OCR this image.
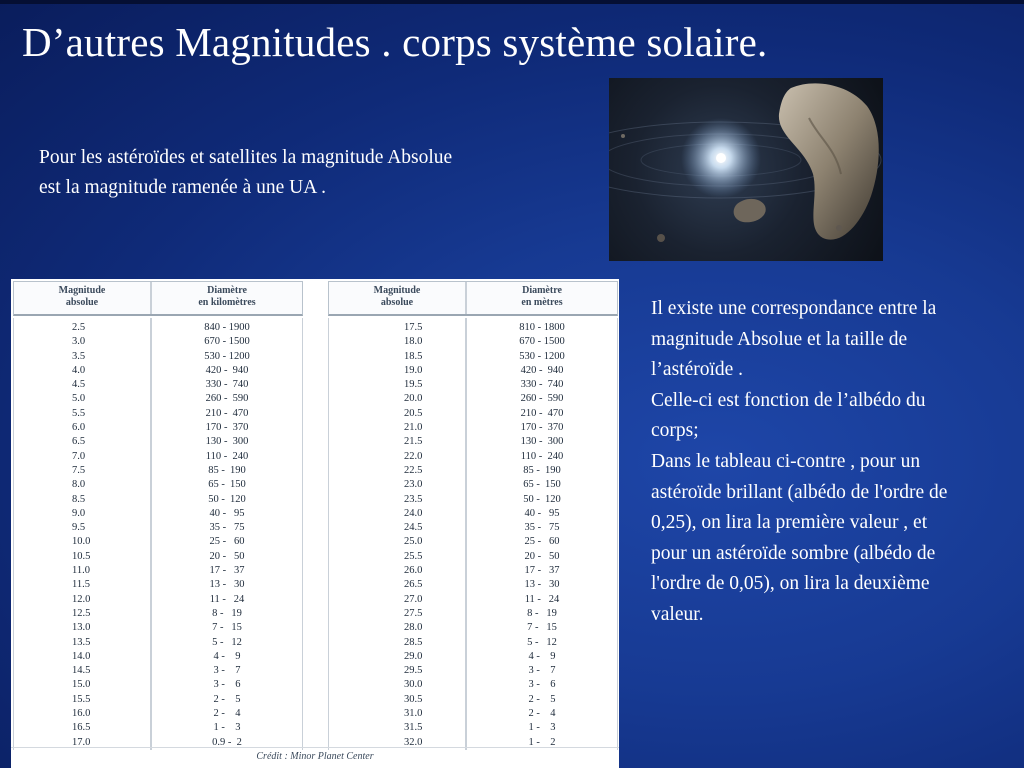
D’autres Magnitudes . corps système solaire.
Pour les astéroïdes et satellites la magnitude Absolue
est la magnitude ramenée à une UA .

Il existe une correspondance entre la magnitude Absolue et la taille de l’astéroïde .

Celle-ci est fonction de l’albédo du corps;

Dans le tableau ci-contre , pour un astéroïde brillant (albédo de l'ordre de 0,25), on lira la première valeur , et pour un astéroïde sombre (albédo de l'ordre de 0,05), on lira la deuxième valeur.

Magnitude
absolue
Diamètre
en kilomètres
2.5
3.0
3.5
4.0
4.5
5.0
5.5
6.0
6.5
7.0
7.5
8.0
8.5
9.0
9.5
10.0
10.5
11.0
11.5
12.0
12.5
13.0
13.5
14.0
14.5
15.0
15.5
16.0
16.5
17.0
840 - 1900
670 - 1500
530 - 1200
420 -  940
330 -  740
260 -  590
210 -  470
170 -  370
130 -  300
110 -  240
85 -  190
65 -  150
50 -  120
40 -   95
35 -   75
25 -   60
20 -   50
17 -   37
13 -   30
11 -   24
8 -   19
7 -   15
5 -   12
4 -    9
3 -    7
3 -    6
2 -    5
2 -    4
1 -    3
0.9 -  2
Magnitude
absolue
Diamètre
en mètres
17.5
18.0
18.5
19.0
19.5
20.0
20.5
21.0
21.5
22.0
22.5
23.0
23.5
24.0
24.5
25.0
25.5
26.0
26.5
27.0
27.5
28.0
28.5
29.0
29.5
30.0
30.5
31.0
31.5
32.0
810 - 1800
670 - 1500
530 - 1200
420 -  940
330 -  740
260 -  590
210 -  470
170 -  370
130 -  300
110 -  240
85 -  190
65 -  150
50 -  120
40 -   95
35 -   75
25 -   60
20 -   50
17 -   37
13 -   30
11 -   24
8 -   19
7 -   15
5 -   12
4 -    9
3 -    7
3 -    6
2 -    5
2 -    4
1 -    3
1 -    2
Crédit : Minor Planet Center
